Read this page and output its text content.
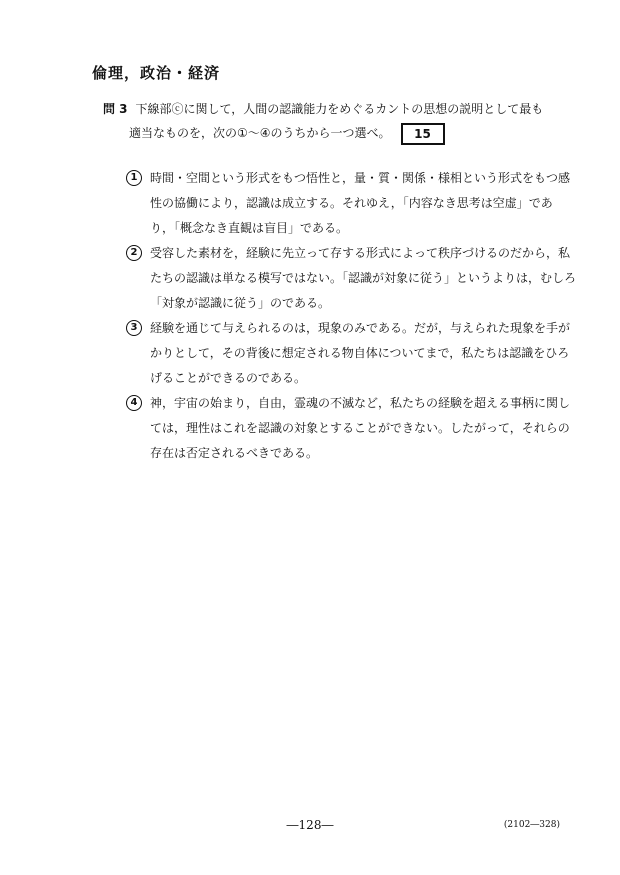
倫理，政治・経済
問 3 下線部ⓒに関して，人間の認識能力をめぐるカントの思想の説明として最も
適当なものを，次の①～④のうちから一つ選べ。 15
1	時間・空間という形式をもつ悟性と，量・質・関係・様相という形式をもつ感性の協働により，認識は成立する。それゆえ，「内容なき思考は空虚」であり，「概念なき直観は盲目」である。
2	受容した素材を，経験に先立って存する形式によって秩序づけるのだから，私たちの認識は単なる模写ではない。「認識が対象に従う」というよりは，むしろ「対象が認識に従う」のである。
3	経験を通じて与えられるのは，現象のみである。だが，与えられた現象を手がかりとして，その背後に想定される物自体についてまで，私たちは認識をひろげることができるのである。
4	神，宇宙の始まり，自由，霊魂の不滅など，私たちの経験を超える事柄に関しては，理性はこれを認識の対象とすることができない。したがって，それらの存在は否定されるべきである。
―128―	(2102―328)
